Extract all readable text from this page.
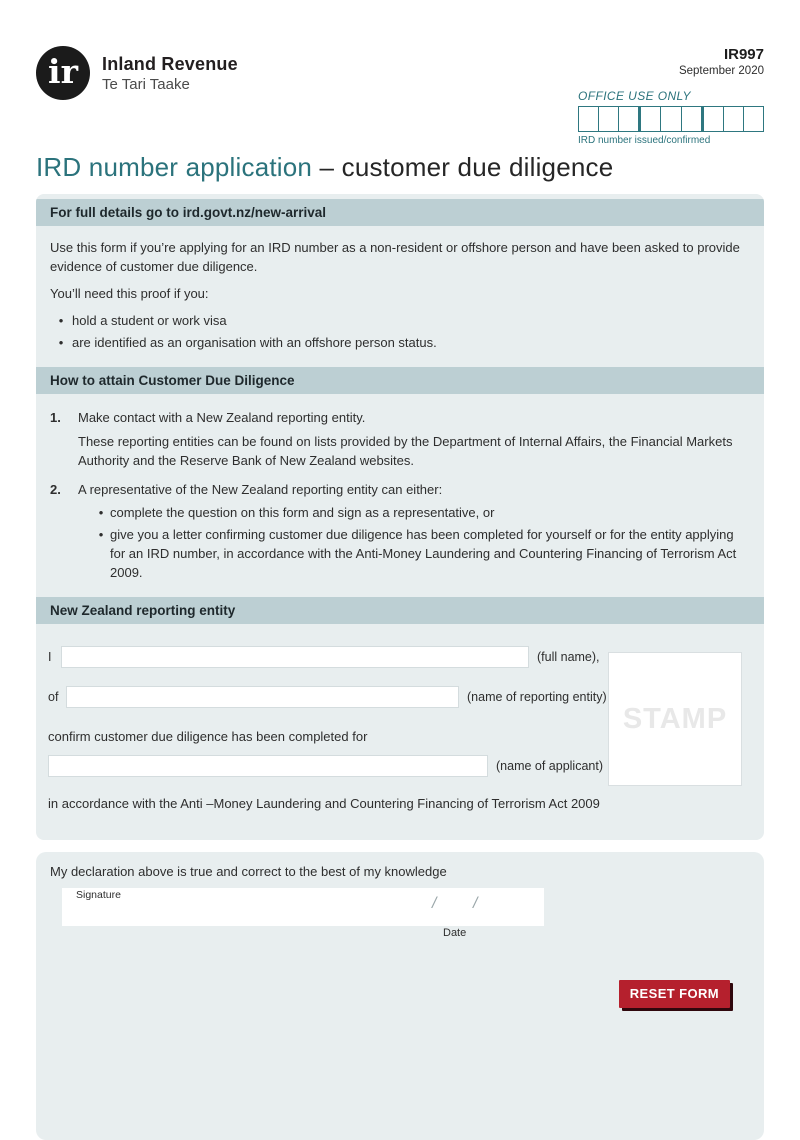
ir	Inland Revenue
Te Tari Taake
IR997
September 2020
OFFICE USE ONLY
IRD number issued/confirmed
IRD number application – customer due diligence
For full details go to ird.govt.nz/new-arrival

Use this form if you’re applying for an IRD number as a non-resident or offshore person and have been asked to provide evidence of customer due diligence.

You’ll need this proof if you:

• hold a student or work visa
• are identified as an organisation with an offshore person status.
How to attain Customer Due Diligence
1.	Make contact with a New Zealand reporting entity.
These reporting entities can be found on lists provided by the Department of Internal Affairs, the Financial Markets Authority and the Reserve Bank of New Zealand websites.
2.	A representative of the New Zealand reporting entity can either:
• complete the question on this form and sign as a representative, or
• give you a letter confirming customer due diligence has been completed for yourself or for the entity applying for an IRD number, in accordance with the Anti-Money Laundering and Countering Financing of Terrorism Act 2009.
New Zealand reporting entity
I	(full name),
of	(name of reporting entity)
confirm customer due diligence has been completed for
(name of applicant)
in accordance with the Anti –Money Laundering and Countering Financing of Terrorism Act 2009
STAMP
My declaration above is true and correct to the best of my knowledge
Signature	/ /
Date
RESET FORM
